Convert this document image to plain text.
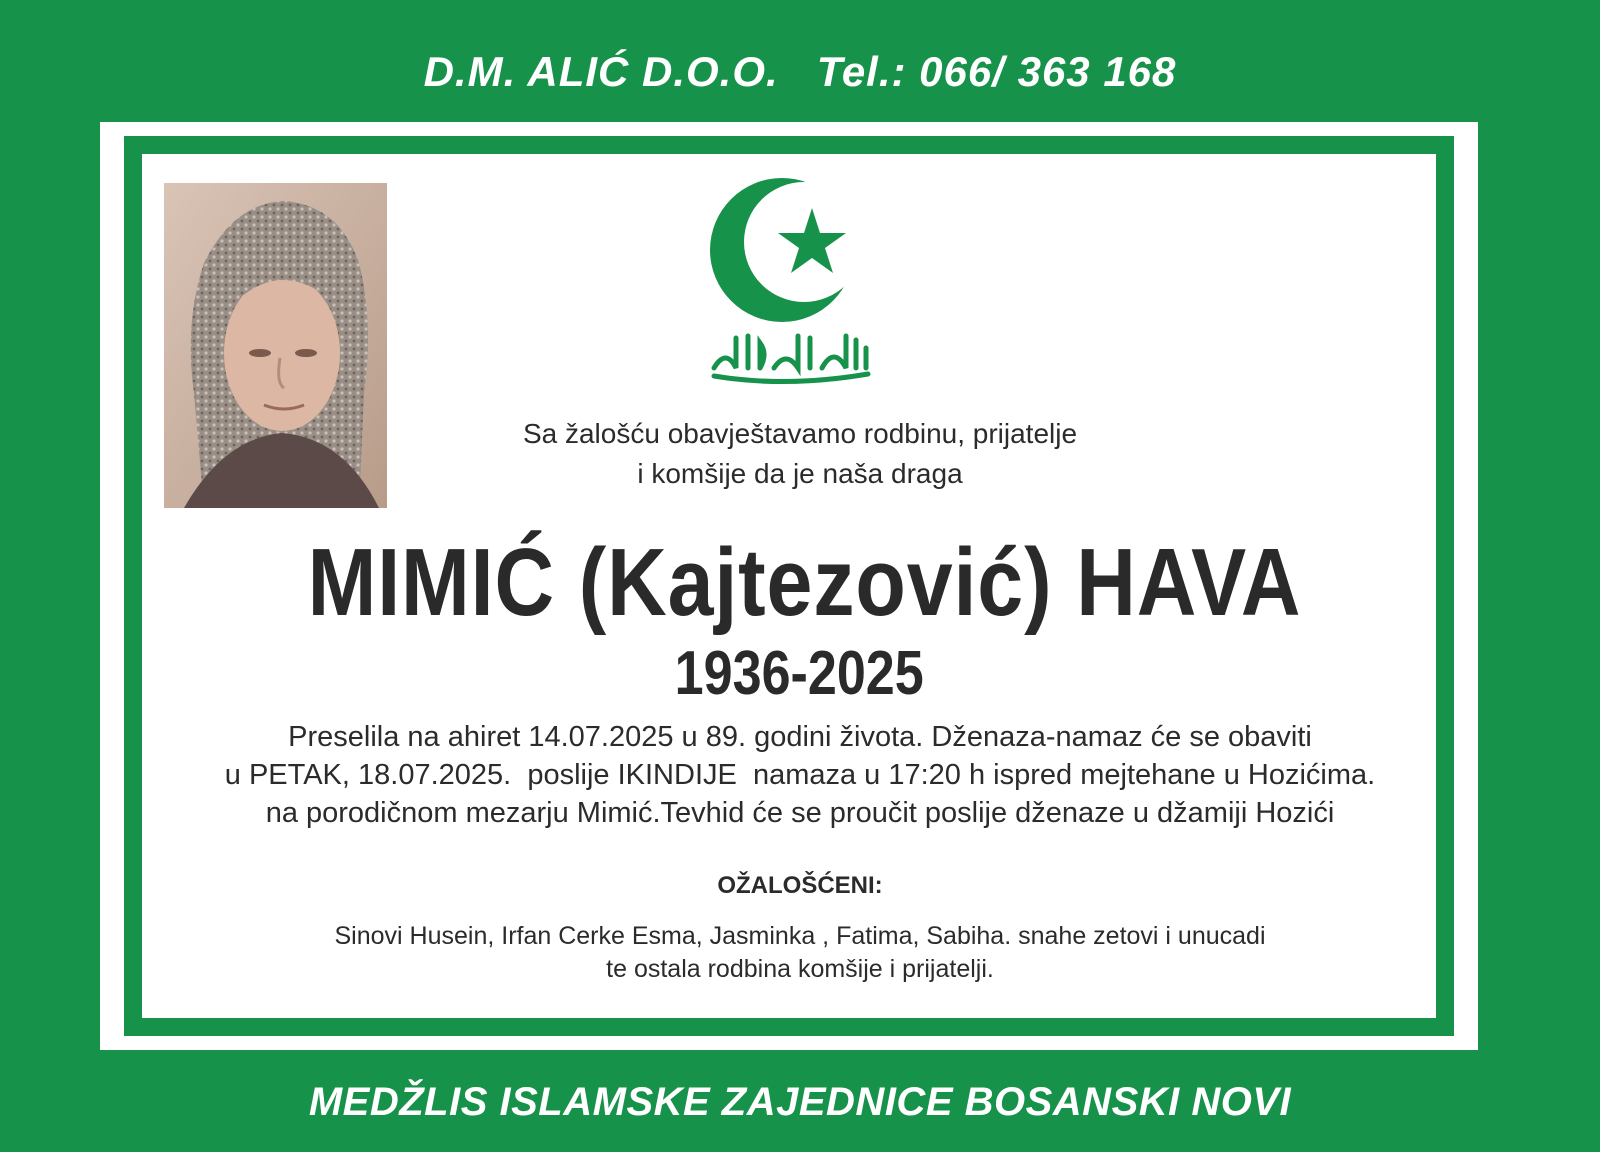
D.M. ALIĆ D.O.O. Tel.: 066/ 363 168
Sa žalošću obavještavamo rodbinu, prijatelje
i komšije da je naša draga
MIMIĆ (Kajtezović) HAVA
1936-2025
Preselila na ahiret 14.07.2025 u 89. godini života. Dženaza-namaz će se obaviti
u PETAK, 18.07.2025.  poslije IKINDIJE  namaza u 17:20 h ispred mejtehane u Hozićima.
na porodičnom mezarju Mimić.Tevhid će se proučit poslije dženaze u džamiji Hozići
OŽALOŠĆENI:
Sinovi Husein, Irfan Cerke Esma, Jasminka , Fatima, Sabiha. snahe zetovi i unucadi
te ostala rodbina komšije i prijatelji.
MEDŽLIS ISLAMSKE ZAJEDNICE BOSANSKI NOVI
